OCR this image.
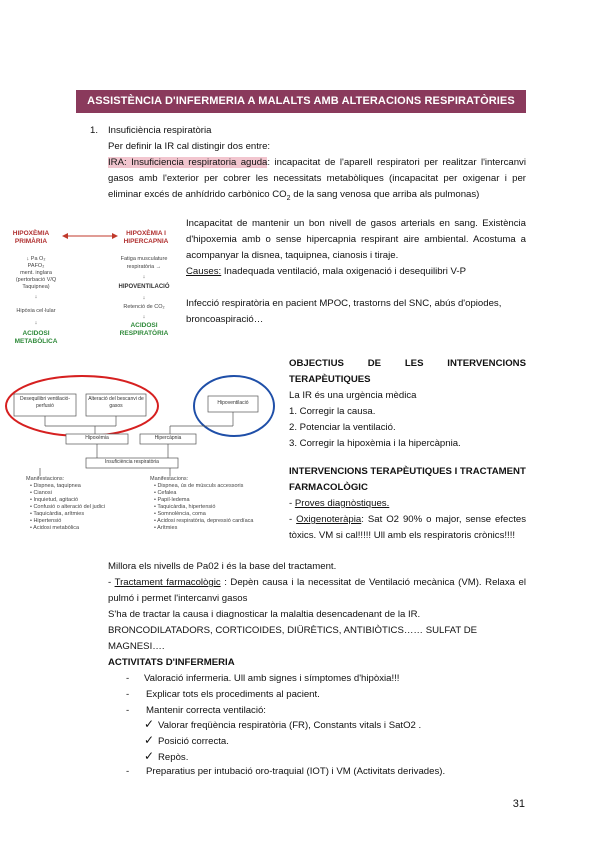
ASSISTÈNCIA D'INFERMERIA A MALALTS AMB ALTERACIONS RESPIRATÒRIES BAIXES
1. Insuficiència respiratòria
Per definir la IR cal distingir dos entre:
IRA: Insuficiencia respiratoria aguda: incapacitat de l'aparell respiratori per realitzar l'intercanvi gasos amb l'exterior per cobrer les necessitats metabòliques (incapacitat per oxigenar i per eliminar excés de anhídrido carbònico $CO_2$ de la sang venosa que arriba als pulmonas)
HIPOXÈMIA PRIMÀRIA
HIPOXÈMIA I HIPERCAPNIA
↓ Pa O₂
PAFO₂
ment. inglara
(pertorbació V/Q
Taquipnea)
↓
Hipòxia cel·lular
↓
ACIDOSI METABÒLICA
Fatiga musculature
respiratòria →
↓
HIPOVENTILACIÓ
↓
Retenció de CO₂
↓
ACIDOSI RESPIRATÒRIA
Incapacitat de mantenir un bon nivell de gasos arterials en sang. Existència d'hipoxemia amb o sense hipercapnia respirant aire ambiental. Acostuma a acompanyar la disnea, taquipnea, cianosis i tiraje.
Causes: Inadequada ventilació, mala oxigenació i desequilibri V-P
Infecció respiratòria en pacient MPOC, trastorns del SNC, abús d'opiodes, broncoaspiració…
Desequilibri ventilació-perfusió
Alteració del bescanvi de gasos	Hipoventilació
Hipoxèmia	Hipercàpnia
Insuficiència respiratòria
Manifestacions:
• Dispnea, taquipnea
• Cianosi
• Inquietud, agitació
• Confusió o alteració del judici
• Taquicàrdia, arítmies
• Hipertensió
• Acidosi metabòlica
Manifestacions:
• Dispnea, ús de músculs accessoris
• Cefalea
• Papil·ledema
• Taquicàrdia, hipertensió
• Somnolència, coma
• Acidosi respiratòria, depressió cardíaca
• Arítmies
OBJECTIUS DE LES INTERVENCIONS
TERAPÈUTIQUES
La IR és una urgència mèdica
1. Corregir la causa.
2. Potenciar la ventilació.
3. Corregir la hipoxèmia i la hipercàpnia.
INTERVENCIONS TERAPÈUTIQUES I TRACTAMENT FARMACOLÒGIC
- Proves diagnòstiques.
- Oxigenoteràpia: Sat O2 90% o major, sense efectes tòxics. VM si cal!!!!! Ull amb els respiratoris crònics!!!!
Millora els nivells de Pa02 i és la base del tractament.
- Tractament farmacològic : Depèn causa i la necessitat de Ventilació mecànica (VM). Relaxa el pulmó i permet l'intercanvi gasos
S'ha de tractar la causa i diagnosticar la malaltia desencadenant de la IR.
BRONCODILATADORS, CORTICOIDES, DIÜRÈTICS, ANTIBIÒTICS…… SULFAT DE MAGNESI….
ACTIVITATS D'INFERMERIA
- Valoració infermeria. Ull amb signes i símptomes d'hipòxia!!!
- Explicar tots els procediments al pacient.
- Mantenir correcta ventilació:
✓ Valorar freqüència respiratòria (FR), Constants vitals i SatO2 .
✓ Posició correcta.
✓ Repòs.
- Preparatius per intubació oro-traquial (IOT) i VM (Activitats derivades).
31
